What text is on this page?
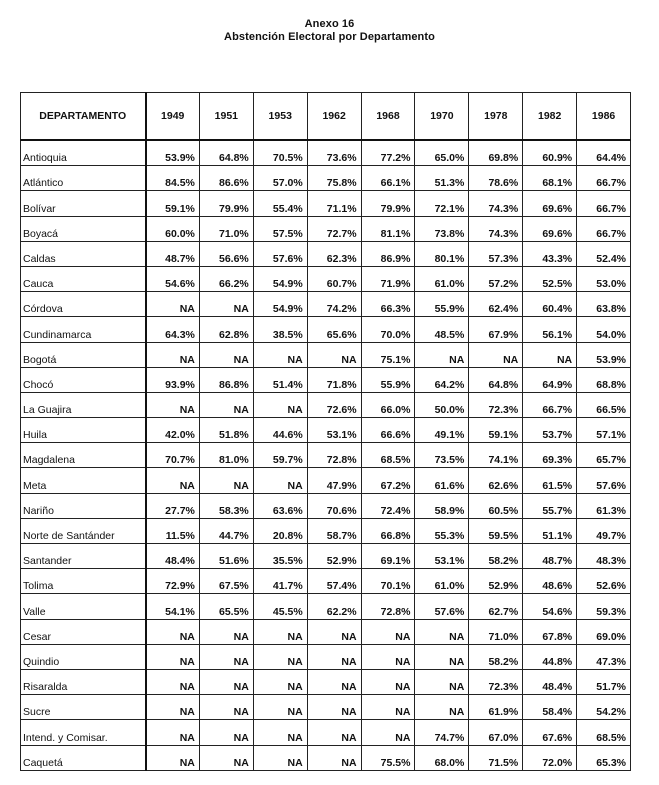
Anexo 16
Abstención Electoral por Departamento
DEPARTAMENTO	1949	1951	1953	1962	1968	1970	1978	1982	1986
Antioquia	53.9%	64.8%	70.5%	73.6%	77.2%	65.0%	69.8%	60.9%	64.4%
Atlántico	84.5%	86.6%	57.0%	75.8%	66.1%	51.3%	78.6%	68.1%	66.7%
Bolívar	59.1%	79.9%	55.4%	71.1%	79.9%	72.1%	74.3%	69.6%	66.7%
Boyacá	60.0%	71.0%	57.5%	72.7%	81.1%	73.8%	74.3%	69.6%	66.7%
Caldas	48.7%	56.6%	57.6%	62.3%	86.9%	80.1%	57.3%	43.3%	52.4%
Cauca	54.6%	66.2%	54.9%	60.7%	71.9%	61.0%	57.2%	52.5%	53.0%
Córdova	NA	NA	54.9%	74.2%	66.3%	55.9%	62.4%	60.4%	63.8%
Cundinamarca	64.3%	62.8%	38.5%	65.6%	70.0%	48.5%	67.9%	56.1%	54.0%
Bogotá	NA	NA	NA	NA	75.1%	NA	NA	NA	53.9%
Chocó	93.9%	86.8%	51.4%	71.8%	55.9%	64.2%	64.8%	64.9%	68.8%
La Guajira	NA	NA	NA	72.6%	66.0%	50.0%	72.3%	66.7%	66.5%
Huila	42.0%	51.8%	44.6%	53.1%	66.6%	49.1%	59.1%	53.7%	57.1%
Magdalena	70.7%	81.0%	59.7%	72.8%	68.5%	73.5%	74.1%	69.3%	65.7%
Meta	NA	NA	NA	47.9%	67.2%	61.6%	62.6%	61.5%	57.6%
Nariño	27.7%	58.3%	63.6%	70.6%	72.4%	58.9%	60.5%	55.7%	61.3%
Norte de Santánder	11.5%	44.7%	20.8%	58.7%	66.8%	55.3%	59.5%	51.1%	49.7%
Santander	48.4%	51.6%	35.5%	52.9%	69.1%	53.1%	58.2%	48.7%	48.3%
Tolima	72.9%	67.5%	41.7%	57.4%	70.1%	61.0%	52.9%	48.6%	52.6%
Valle	54.1%	65.5%	45.5%	62.2%	72.8%	57.6%	62.7%	54.6%	59.3%
Cesar	NA	NA	NA	NA	NA	NA	71.0%	67.8%	69.0%
Quindio	NA	NA	NA	NA	NA	NA	58.2%	44.8%	47.3%
Risaralda	NA	NA	NA	NA	NA	NA	72.3%	48.4%	51.7%
Sucre	NA	NA	NA	NA	NA	NA	61.9%	58.4%	54.2%
Intend. y Comisar.	NA	NA	NA	NA	NA	74.7%	67.0%	67.6%	68.5%
Caquetá	NA	NA	NA	NA	75.5%	68.0%	71.5%	72.0%	65.3%
